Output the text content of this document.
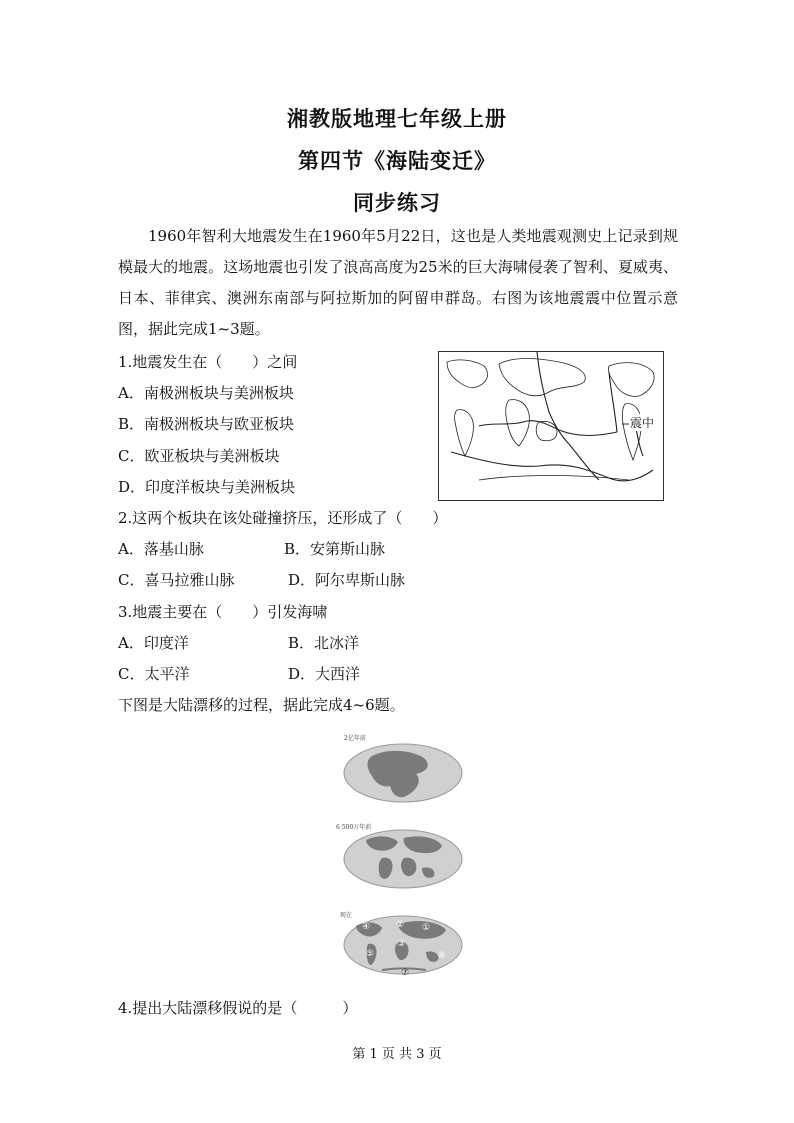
湘教版地理七年级上册
第四节《海陆变迁》
同步练习
1960年智利大地震发生在1960年5月22日，这也是人类地震观测史上记录到规模最大的地震。这场地震也引发了浪高高度为25米的巨大海啸侵袭了智利、夏威夷、日本、菲律宾、澳洲东南部与阿拉斯加的阿留申群岛。右图为该地震震中位置示意图，据此完成1~3题。
1.地震发生在（　　）之间
A．南极洲板块与美洲板块
B．南极洲板块与欧亚板块
C．欧亚板块与美洲板块
D．印度洋板块与美洲板块
震中
2.这两个板块在该处碰撞挤压，还形成了（　　）
A．落基山脉	B．安第斯山脉
C．喜马拉雅山脉	D．阿尔卑斯山脉
3.地震主要在（　　）引发海啸
A．印度洋	B．北冰洋
C．太平洋	D．大西洋
下图是大陆漂移的过程，据此完成4~6题。
2亿年前
6 500万年前
现在
④	② ①
③
⑤	⑥
⑦
4.提出大陆漂移假说的是（　　　）
第 1 页 共 3 页
